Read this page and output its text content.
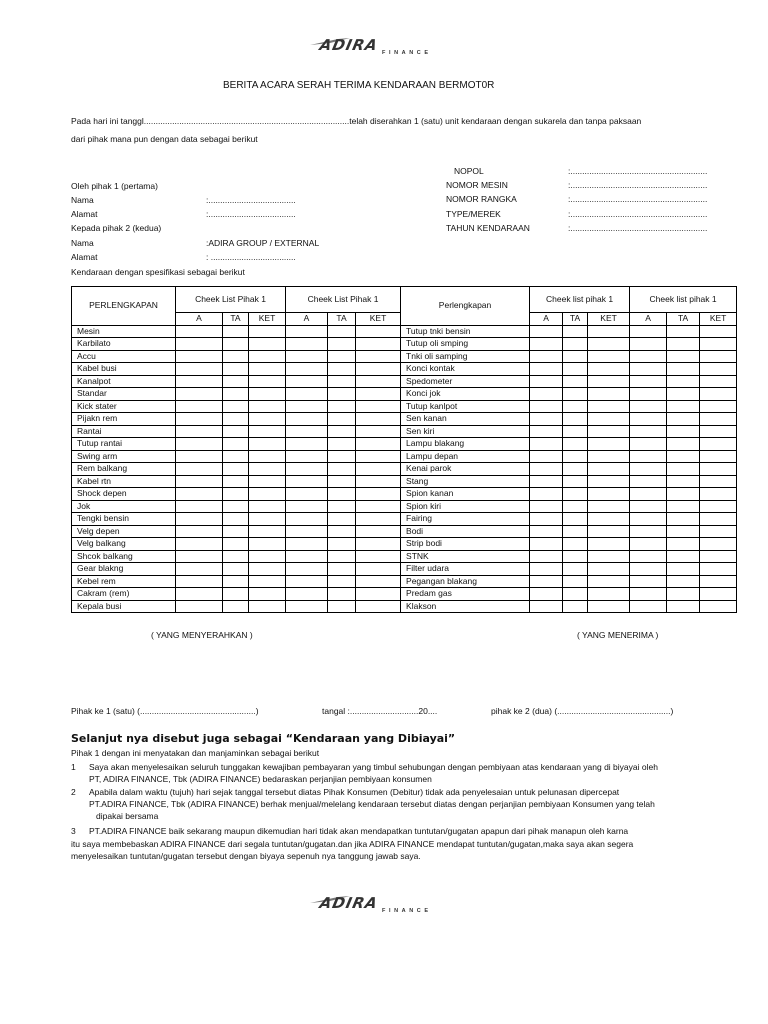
ADIRA FINANCE
BERITA ACARA SERAH TERIMA KENDARAAN BERMOT0R
Pada hari ini tanggl.......................................................................................telah diserahkan 1 (satu) unit kendaraan dengan sukarela dan tanpa paksaan
dari pihak mana pun dengan data sebagai berikut
Oleh pihak 1 (pertama)
Nama	:.....................................
Alamat	:.....................................
Kepada pihak 2 (kedua)
Nama	:ADIRA GROUP / EXTERNAL
Alamat	: ....................................
Kendaraan dengan spesifikasi sebagai berikut
NOPOL	:..........................................................
NOMOR MESIN	:..........................................................
NOMOR RANGKA	:..........................................................
TYPE/MEREK	:..........................................................
TAHUN KENDARAAN	:..........................................................
PERLENGKAPAN	Cheek List Pihak 1			Cheek List Pihak 1			Perlengkapan	Cheek list pihak 1			Cheek list pihak 1		
	A	TA	KET	A	TA	KET		A	TA	KET	A	TA	KET
Mesin							Tutup tnki bensin						
Karbilato							Tutup oli smping						
Accu							Tnki oli samping						
Kabel busi							Konci kontak						
Kanalpot							Spedometer						
Standar							Konci jok						
Kick stater							Tutup kanlpot						
Pijakn rem							Sen kanan						
Rantai							Sen kiri						
Tutup rantai							Lampu blakang						
Swing arm							Lampu depan						
Rem balkang							Kenai parok						
Kabel rtn							Stang						
Shock depen							Spion kanan						
Jok							Spion kiri						
Tengki bensin							Fairing						
Velg depen							Bodi						
Velg balkang							Strip bodi						
Shcok balkang							STNK						
Gear blakng							Filter udara						
Kebel rem							Pegangan blakang						
Cakram (rem)							Predam gas						
Kepala busi							Klakson						
( YANG MENYERAHKAN )	( YANG MENERIMA )
Pihak ke 1 (satu) (.................................................)	tangal :.............................20....	pihak ke 2 (dua) (................................................)
Selanjut nya disebut juga sebagai “Kendaraan yang Dibiayai”
Pihak 1 dengan ini menyatakan dan manjaminkan sebagai berikut
1 Saya akan menyelesaikan seluruh tunggakan kewajiban pembayaran yang timbul sehubungan dengan pembiyaan atas kendaraan yang di biyayai oleh
PT, ADIRA FINANCE, Tbk (ADIRA FINANCE) bedaraskan perjanjian pembiyaan konsumen
2 Apabila dalam waktu (tujuh) hari sejak tanggal tersebut diatas Pihak Konsumen (Debitur) tidak ada penyelesaian untuk pelunasan dipercepat
PT.ADIRA FINANCE, Tbk (ADIRA FINANCE) berhak menjual/melelang kendaraan tersebut diatas dengan perjanjian pembiyaan Konsumen yang telah
dipakai bersama
3 PT.ADIRA FINANCE baik sekarang maupun dikemudian hari tidak akan mendapatkan tuntutan/gugatan apapun dari pihak manapun oleh karna
itu saya membebaskan ADIRA FINANCE dari segala tuntutan/gugatan.dan jika ADIRA FINANCE mendapat tuntutan/gugatan,maka saya akan segera
menyelesaikan tuntutan/gugatan tersebut dengan biyaya sepenuh nya tanggung jawab saya.
ADIRA FINANCE
